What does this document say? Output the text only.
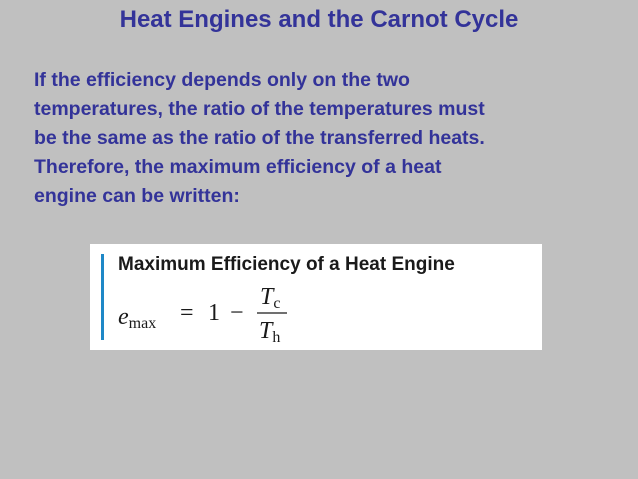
Heat Engines and the Carnot Cycle
If the efficiency depends only on the two
temperatures, the ratio of the temperatures must
be the same as the ratio of the transferred heats.
Therefore, the maximum efficiency of a heat
engine can be written:
Maximum Efficiency of a Heat Engine
emax = 1 −
Tc
Th
